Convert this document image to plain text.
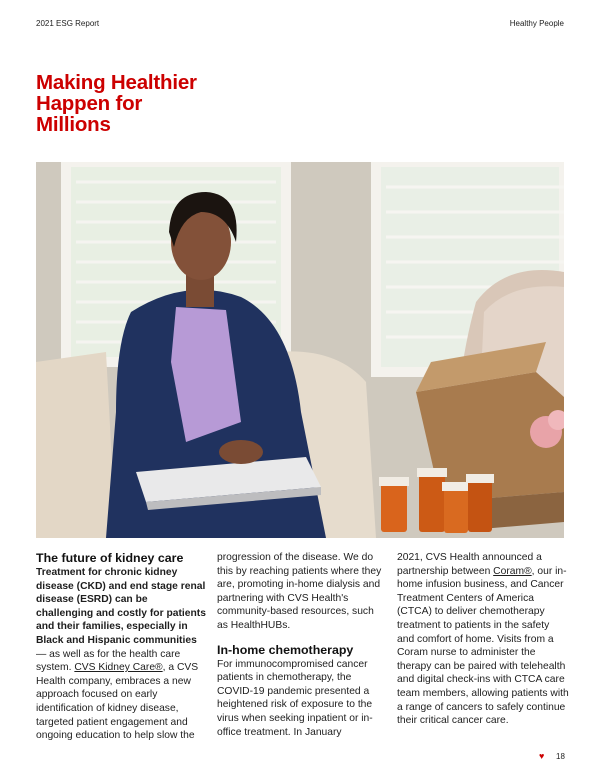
2021 ESG Report	Healthy People
Making Healthier
Happen for
Millions
The future of kidney care
Treatment for chronic kidney disease (CKD) and end stage renal disease (ESRD) can be challenging and costly for patients and their families, especially in Black and Hispanic communities — as well as for the health care system. CVS Kidney Care®, a CVS Health company, embraces a new approach focused on early identification of kidney disease, targeted patient engagement and ongoing education to help slow the
progression of the disease. We do this by reaching patients where they are, promoting in-home dialysis and partnering with CVS Health's community-based resources, such as HealthHUBs.
In-home chemotherapy
For immunocompromised cancer patients in chemotherapy, the COVID-19 pandemic presented a heightened risk of exposure to the virus when seeking inpatient or in-office treatment. In January
2021, CVS Health announced a partnership between Coram®, our in-home infusion business, and Cancer Treatment Centers of America (CTCA) to deliver chemotherapy treatment to patients in the safety and comfort of home. Visits from a Coram nurse to administer the therapy can be paired with telehealth and digital check-ins with CTCA care team members, allowing patients with a range of cancers to safely continue their critical cancer care.
♥ 18
